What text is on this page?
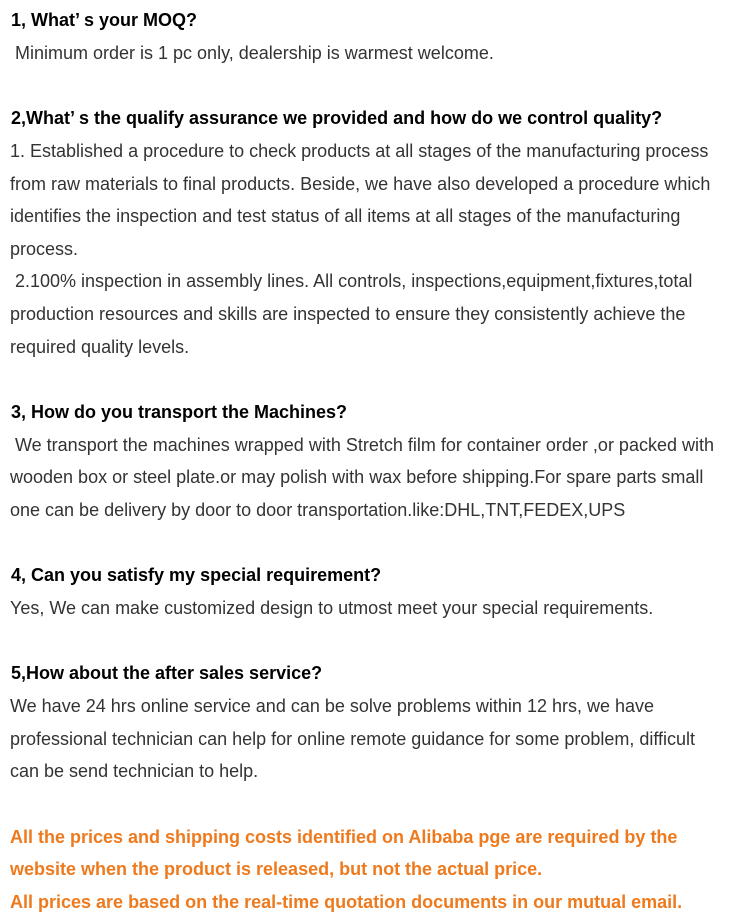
1, What’ s your MOQ?
Minimum order is 1 pc only, dealership is warmest welcome.
2,What’ s the qualify assurance we provided and how do we control quality?
1. Established a procedure to check products at all stages of the manufacturing process
from raw materials to final products. Beside, we have also developed a procedure which
identifies the inspection and test status of all items at all stages of the manufacturing
process.
2.100% inspection in assembly lines. All controls, inspections,equipment,fixtures,total
production resources and skills are inspected to ensure they consistently achieve the
required quality levels.
3, How do you transport the Machines?
We transport the machines wrapped with Stretch film for container order ,or packed with
wooden box or steel plate.or may polish with wax before shipping.For spare parts small
one can be delivery by door to door transportation.like:DHL,TNT,FEDEX,UPS
4, Can you satisfy my special requirement?
Yes, We can make customized design to utmost meet your special requirements.
5,How about the after sales service?
We have 24 hrs online service and can be solve problems within 12 hrs, we have
professional technician can help for online remote guidance for some problem, difficult
can be send technician to help.
All the prices and shipping costs identified on Alibaba pge are required by the
website when the product is released, but not the actual price.
All prices are based on the real-time quotation documents in our mutual email.
